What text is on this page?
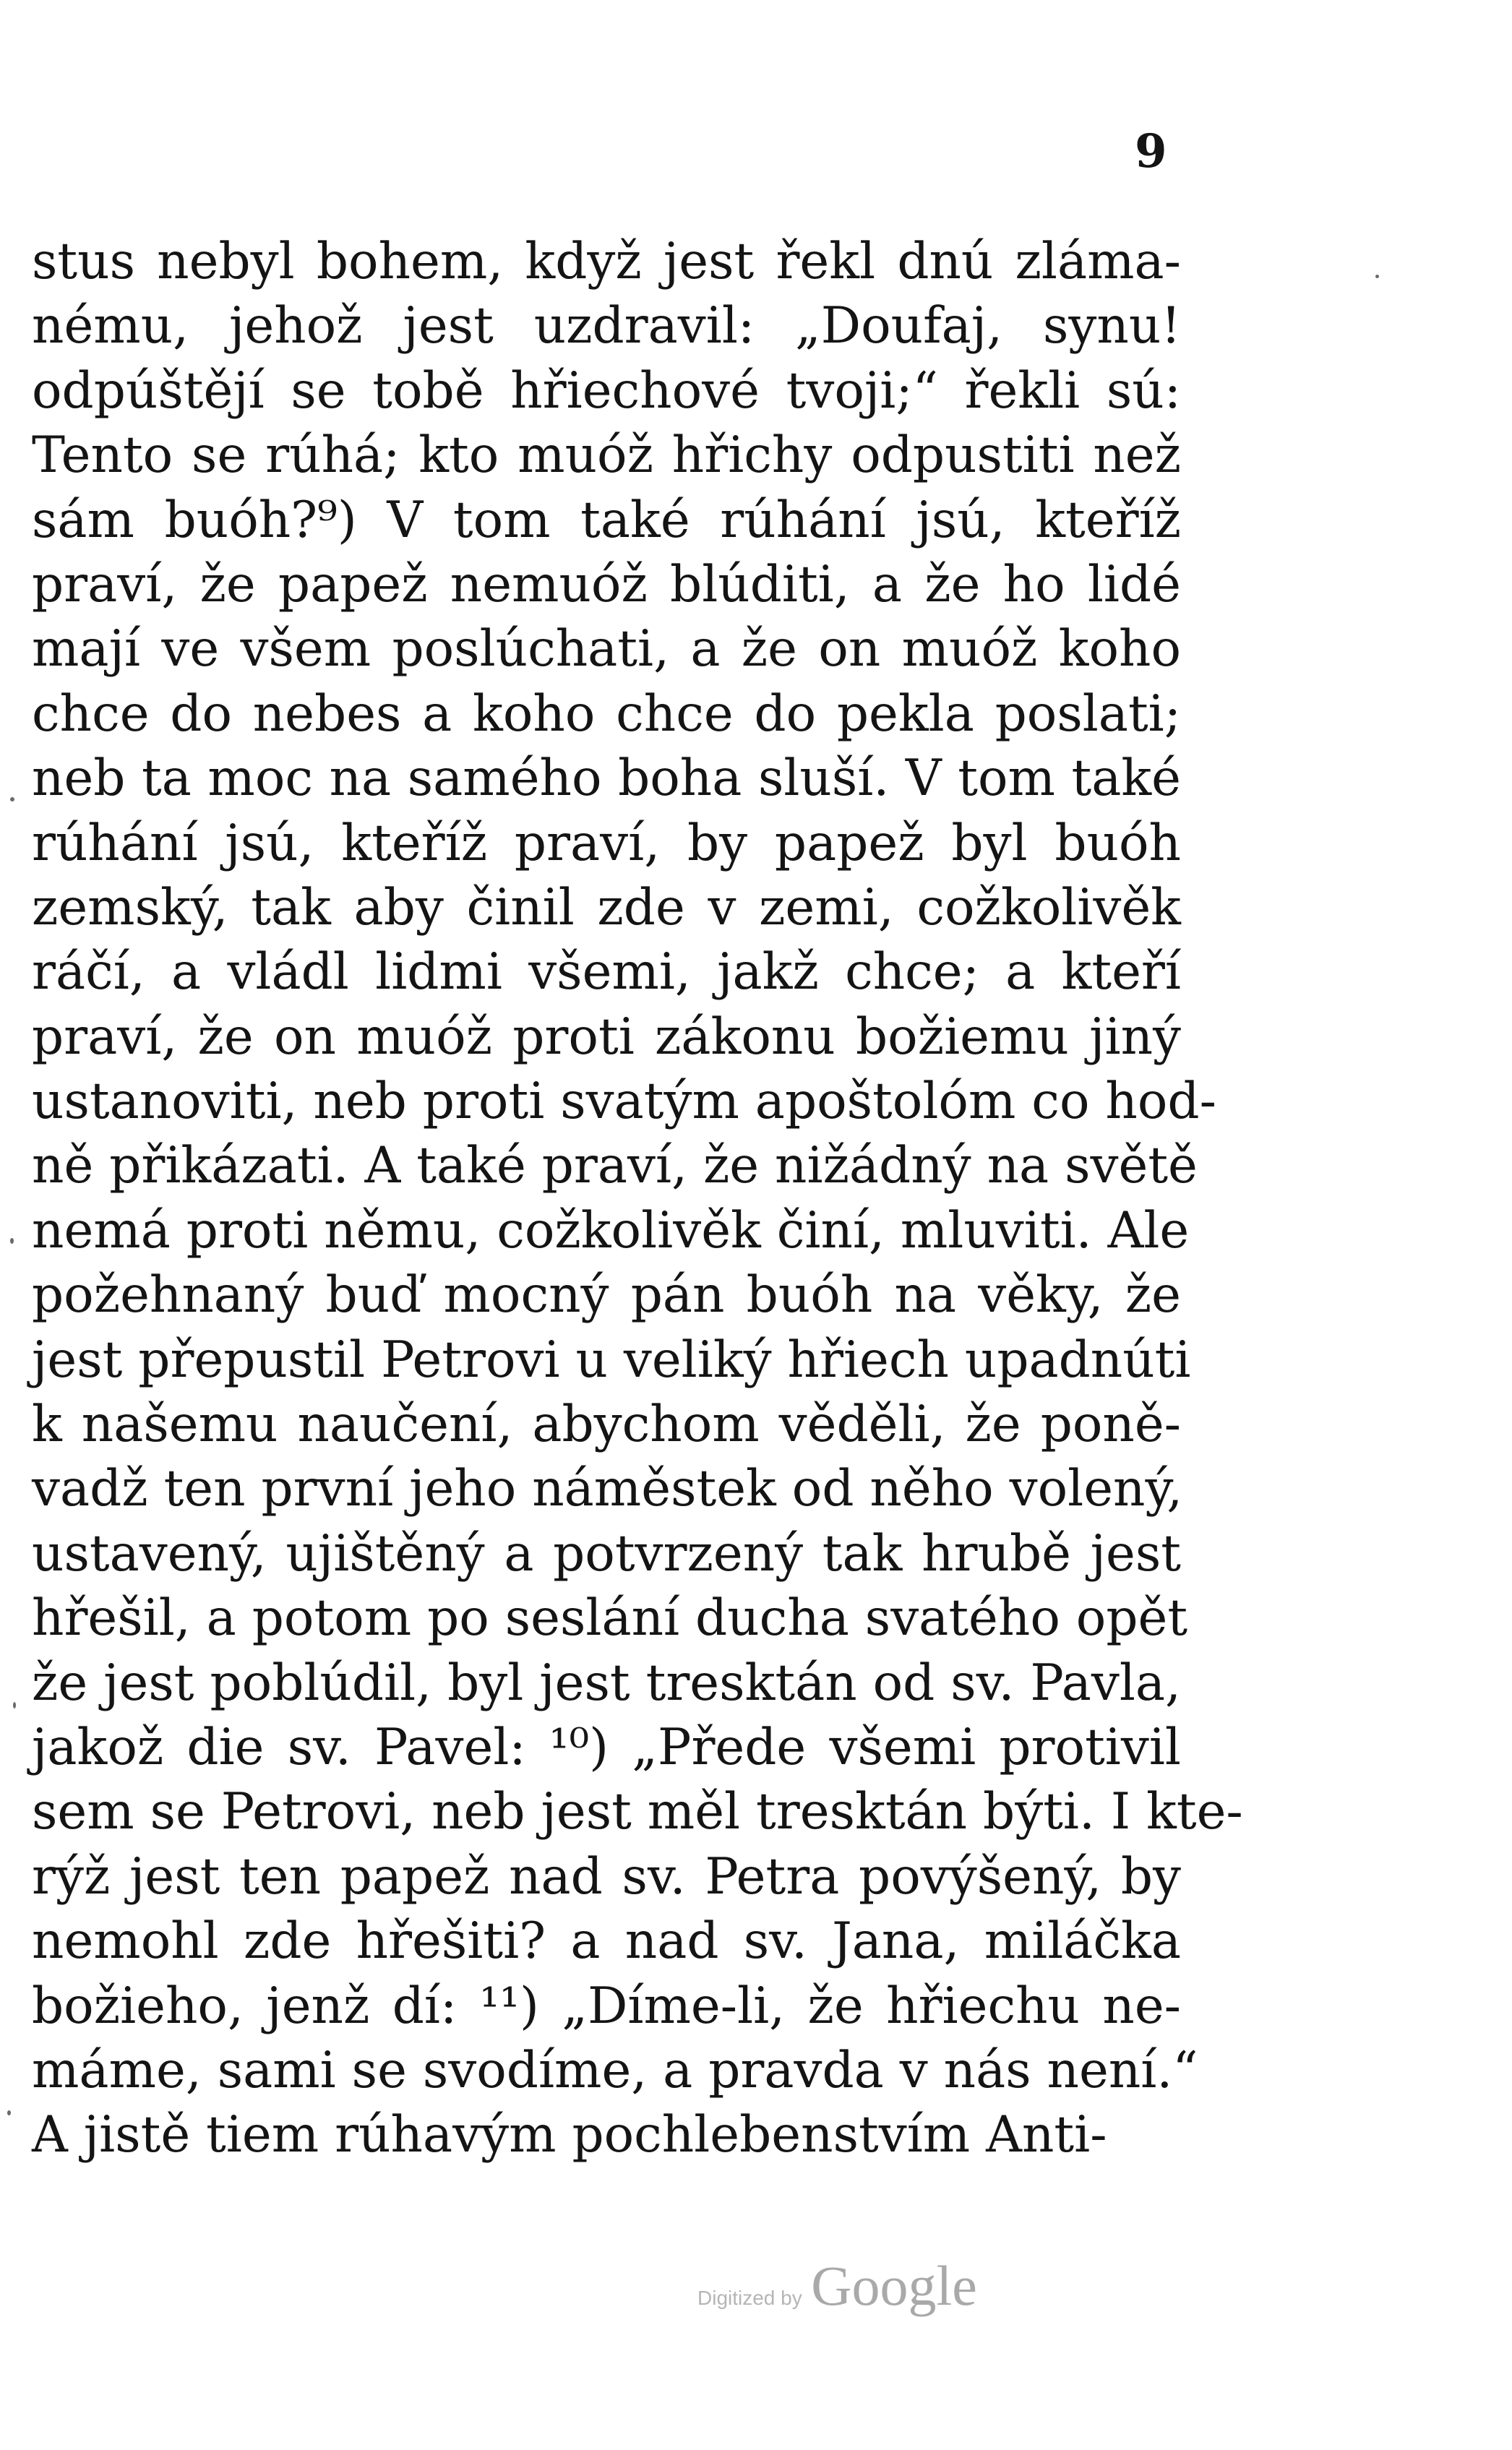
9
stus nebyl bohem, když jest řekl dnú zláma-
nému, jehož jest uzdravil: „Doufaj, synu!
odpúštějí se tobě hřiechové tvoji;“ řekli sú:
Tento se rúhá; kto muóž hřichy odpustiti než
sám buóh?⁹) V tom také rúhání jsú, kteříž
praví, že papež nemuóž blúditi, a že ho lidé
mají ve všem poslúchati, a že on muóž koho
chce do nebes a koho chce do pekla poslati;
neb ta moc na samého boha sluší. V tom také
rúhání jsú, kteříž praví, by papež byl buóh
zemský, tak aby činil zde v zemi, cožkolivěk
ráčí, a vládl lidmi všemi, jakž chce; a kteří
praví, že on muóž proti zákonu božiemu jiný
ustanoviti, neb proti svatým apoštolóm co hod-
ně přikázati. A také praví, že nižádný na světě
nemá proti němu, cožkolivěk činí, mluviti. Ale
požehnaný buď mocný pán buóh na věky, že
jest přepustil Petrovi u veliký hřiech upadnúti
k našemu naučení, abychom věděli, že poně-
vadž ten první jeho náměstek od něho volený,
ustavený, ujištěný a potvrzený tak hrubě jest
hřešil, a potom po seslání ducha svatého opět
že jest poblúdil, byl jest tresktán od sv. Pavla,
jakož die sv. Pavel: ¹⁰) „Přede všemi protivil
sem se Petrovi, neb jest měl tresktán býti. I kte-
rýž jest ten papež nad sv. Petra povýšený, by
nemohl zde hřešiti? a nad sv. Jana, miláčka
božieho, jenž dí: ¹¹) „Díme-li, že hřiechu ne-
máme, sami se svodíme, a pravda v nás není.“
A jistě tiem rúhavým pochlebenstvím Anti-
Digitized by Google
